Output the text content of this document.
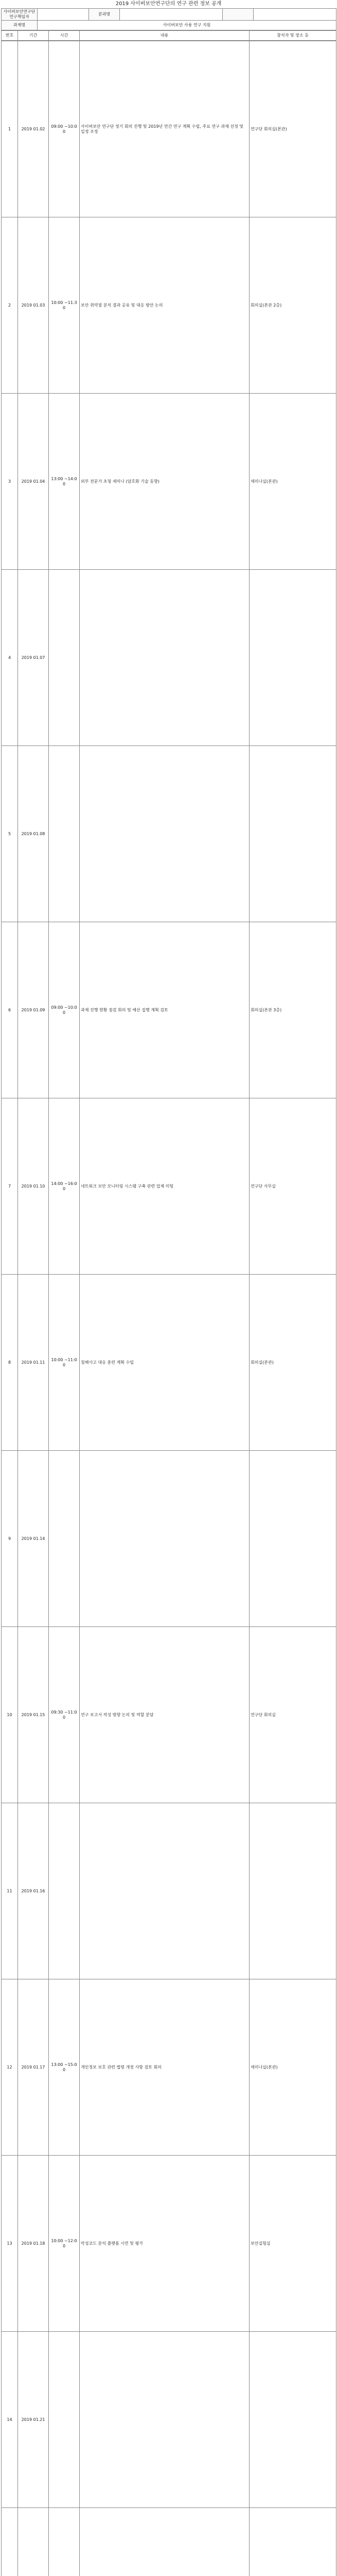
2019 사이버보안연구단의 연구 관련 정보 공개
사이버보안연구단 연구책임자		분과명			
과제명	사이버보안 사용 연구 지원				
번호	기간	시간	내용	참석자 및 장소 등
1	2019 01.02	09:00 ~10:00	사이버보안 연구단 정기 회의 진행 및 2019년 연간 연구 계획 수립, 주요 연구 과제 선정 및 일정 조정	연구단 회의실(본관)
2	2019 01.03	10:00 ~11:30	보안 취약점 분석 결과 공유 및 대응 방안 논의	회의실(본관 2층)
3	2019 01.04	13:00 ~14:00	외부 전문가 초청 세미나 (암호화 기술 동향)	세미나실(본관)
4	2019 01.07			
5	2019 01.08			
6	2019 01.09	09:00 ~10:00	과제 진행 현황 점검 회의 및 예산 집행 계획 검토	회의실(본관 3층)
7	2019 01.10	14:00 ~16:00	네트워크 보안 모니터링 시스템 구축 관련 업체 미팅	연구단 사무실
8	2019 01.11	10:00 ~11:00	침해사고 대응 훈련 계획 수립	회의실(본관)
9	2019 01.14			
10	2019 01.15	09:30 ~11:00	연구 보고서 작성 방향 논의 및 역할 분담	연구단 회의실
11	2019 01.16			
12	2019 01.17	13:00 ~15:00	개인정보 보호 관련 법령 개정 사항 검토 회의	세미나실(본관)
13	2019 01.18	10:00 ~12:00	악성코드 분석 플랫폼 시연 및 평가	보안실험실
14	2019 01.21			
